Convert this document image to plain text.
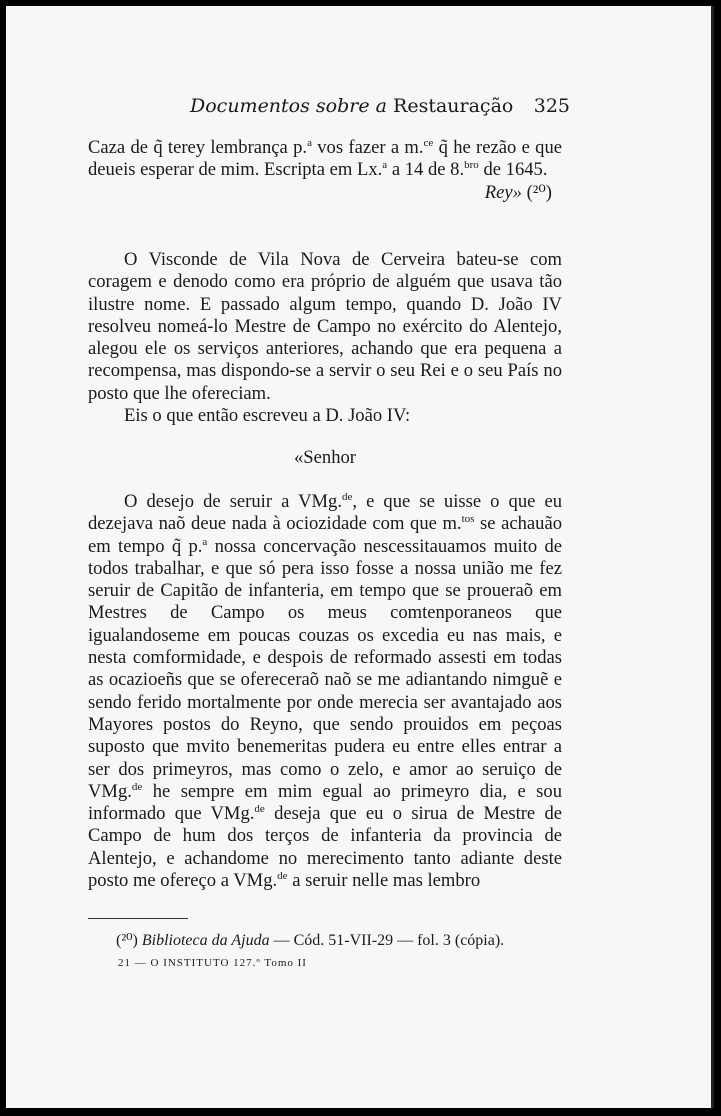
Documentos sobre a Restauração 325

Caza de q̃ terey lembrança p.$^a$ vos fazer a m.$^{ce}$ q̃ he rezão e que deueis esperar de mim. Escripta em Lx.$^a$ a 14 de 8.$^{bro}$ de 1645.

Rey» (²⁰)

O Visconde de Vila Nova de Cerveira bateu-se com coragem e denodo como era próprio de alguém que usava tão ilustre nome. E passado algum tempo, quando D. João IV resolveu nomeá-lo Mestre de Campo no exército do Alentejo, alegou ele os serviços anteriores, achando que era pequena a recompensa, mas dispondo-se a servir o seu Rei e o seu País no posto que lhe ofereciam.

Eis o que então escreveu a D. João IV:

«Senhor

O desejo de seruir a VMg.$^{de}$, e que se uisse o que eu dezejava naõ deue nada à ociozidade com que m.$^{tos}$ se achauão em tempo q̃ p.$^a$ nossa concervação nescessitauamos muito de todos trabalhar, e que só pera isso fosse a nossa união me fez seruir de Capitão de infanteria, em tempo que se prouerаõ em Mestres de Campo os meus comtenporaneos que igualandoseme em poucas couzas os excedia eu nas mais, e nesta comformidade, e despois de reformado assesti em todas as ocazioeñs que se oferecerаõ naõ se me adiantando nimguẽ e sendo ferido mortalmente por onde merecia ser avantajado aos Mayores postos do Reyno, que sendo prouidos em peçoas suposto que mvito benemeritas pudera eu entre elles entrar a ser dos primeyros, mas como o zelo, e amor ao seruiço de VMg.$^{de}$ he sempre em mim egual ao primeyro dia, e sou informado que VMg.$^{de}$ deseja que eu o sirua de Mestre de Campo de hum dos terços de infanteria da provincia de Alentejo, e achandome no merecimento tanto adiante deste posto me ofereço a VMg.$^{de}$ a seruir nelle mas lembro

(²⁰) Biblioteca da Ajuda — Cód. 51-VII-29 — fol. 3 (cópia).
21 — O INSTITUTO 127.º Tomo II
